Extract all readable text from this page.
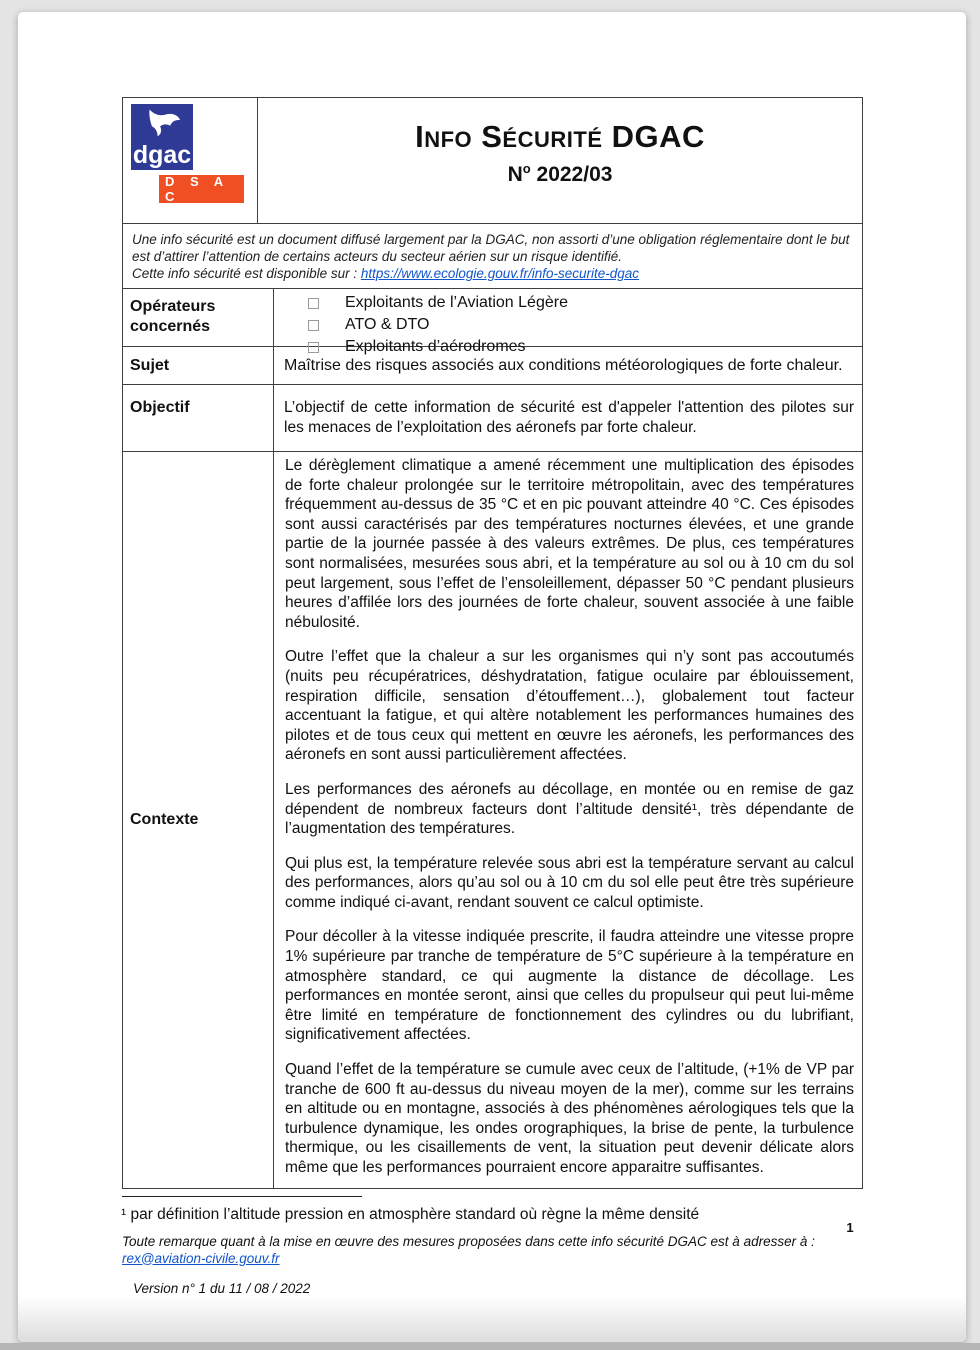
dgac
D S A C
Info Sécurité DGAC
$N^o$ 2022/03
Une info sécurité est un document diffusé largement par la DGAC, non assorti d’une obligation réglementaire dont le but est d’attirer l’attention de certains acteurs du secteur aérien sur un risque identifié.
Cette info sécurité est disponible sur : https://www.ecologie.gouv.fr/info-securite-dgac
Opérateurs concernés
Exploitants de l’Aviation Légère
ATO & DTO
Exploitants d’aérodromes
Sujet	Maîtrise des risques associés aux conditions météorologiques de forte chaleur.
Objectif	L’objectif de cette information de sécurité est d'appeler l'attention des pilotes sur les menaces de l’exploitation des aéronefs par forte chaleur.
Contexte

Le dérèglement climatique a amené récemment une multiplication des épisodes de forte chaleur prolongée sur le territoire métropolitain, avec des températures fréquemment au-dessus de 35 °C et en pic pouvant atteindre 40 °C. Ces épisodes sont aussi caractérisés par des températures nocturnes élevées, et une grande partie de la journée passée à des valeurs extrêmes. De plus, ces températures sont normalisées, mesurées sous abri, et la température au sol ou à 10 cm du sol peut largement, sous l’effet de l’ensoleillement, dépasser 50 °C pendant plusieurs heures d’affilée lors des journées de forte chaleur, souvent associée à une faible nébulosité.

Outre l’effet que la chaleur a sur les organismes qui n’y sont pas accoutumés (nuits peu récupératrices, déshydratation, fatigue oculaire par éblouissement, respiration difficile, sensation d’étouffement…), globalement tout facteur accentuant la fatigue, et qui altère notablement les performances humaines des pilotes et de tous ceux qui mettent en œuvre les aéronefs, les performances des aéronefs en sont aussi particulièrement affectées.

Les performances des aéronefs au décollage, en montée ou en remise de gaz dépendent de nombreux facteurs dont l’altitude densité¹, très dépendante de l’augmentation des températures.

Qui plus est, la température relevée sous abri est la température servant au calcul des performances, alors qu’au sol ou à 10 cm du sol elle peut être très supérieure comme indiqué ci-avant, rendant souvent ce calcul optimiste.

Pour décoller à la vitesse indiquée prescrite, il faudra atteindre une vitesse propre 1% supérieure par tranche de température de 5°C supérieure à la température en atmosphère standard, ce qui augmente la distance de décollage. Les performances en montée seront, ainsi que celles du propulseur qui peut lui-même être limité en température de fonctionnement des cylindres ou du lubrifiant, significativement affectées.

Quand l’effet de la température se cumule avec ceux de l’altitude, (+1% de VP par tranche de 600 ft au-dessus du niveau moyen de la mer), comme sur les terrains en altitude ou en montagne, associés à des phénomènes aérologiques tels que la turbulence dynamique, les ondes orographiques, la brise de pente, la turbulence thermique, ou les cisaillements de vent, la situation peut devenir délicate alors même que les performances pourraient encore apparaitre suffisantes.

¹ par définition l’altitude pression en atmosphère standard où règne la même densité
1
Toute remarque quant à la mise en œuvre des mesures proposées dans cette info sécurité DGAC est à adresser à :
rex@aviation-civile.gouv.fr
Version n° 1 du 11 / 08 / 2022
